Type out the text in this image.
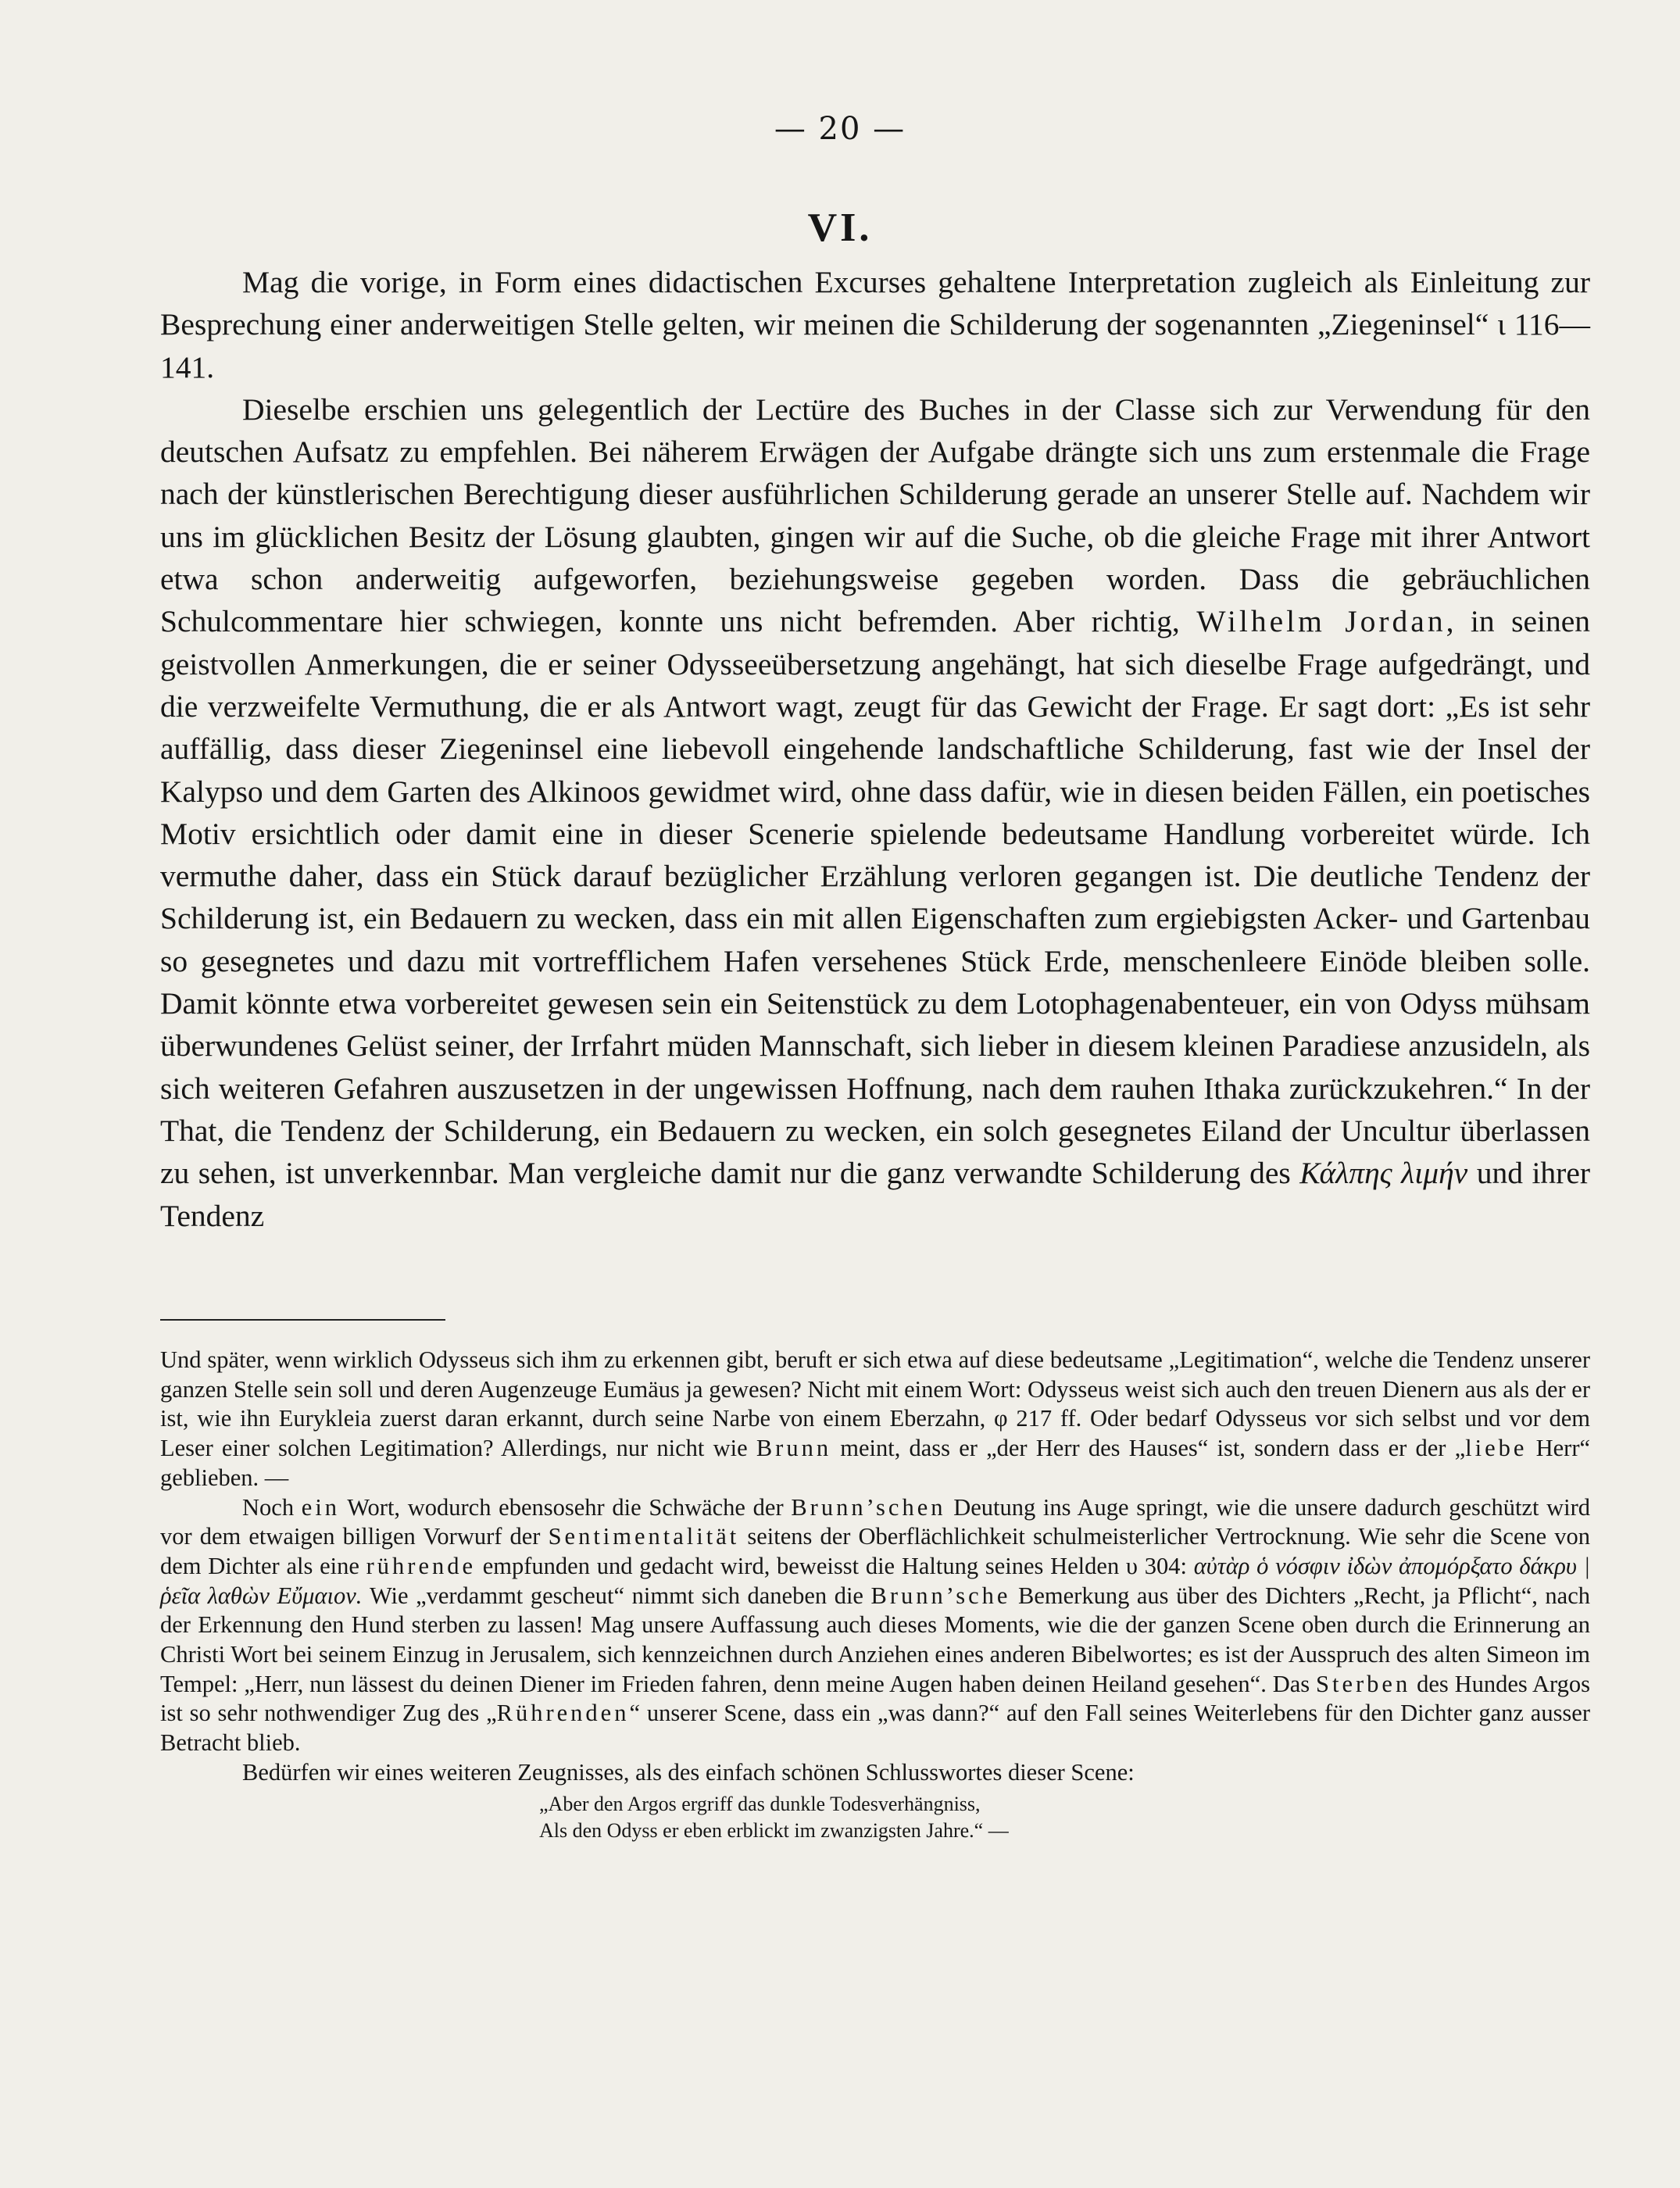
— 20 —
VI.

Mag die vorige, in Form eines didactischen Excurses gehaltene Interpretation zugleich als Einleitung zur Besprechung einer anderweitigen Stelle gelten, wir meinen die Schilderung der sogenannten „Ziegeninsel“ ι 116—141.

Dieselbe erschien uns gelegentlich der Lectüre des Buches in der Classe sich zur Verwendung für den deutschen Aufsatz zu empfehlen. Bei näherem Erwägen der Aufgabe drängte sich uns zum erstenmale die Frage nach der künstlerischen Berechtigung dieser ausführlichen Schilderung gerade an unserer Stelle auf. Nachdem wir uns im glücklichen Besitz der Lösung glaubten, gingen wir auf die Suche, ob die gleiche Frage mit ihrer Antwort etwa schon anderweitig aufgeworfen, beziehungsweise gegeben worden. Dass die gebräuchlichen Schulcommentare hier schwiegen, konnte uns nicht befremden. Aber richtig, Wilhelm Jordan, in seinen geistvollen Anmerkungen, die er seiner Odysseeübersetzung angehängt, hat sich dieselbe Frage aufgedrängt, und die verzweifelte Vermuthung, die er als Antwort wagt, zeugt für das Gewicht der Frage. Er sagt dort: „Es ist sehr auffällig, dass dieser Ziegeninsel eine liebevoll eingehende landschaftliche Schilderung, fast wie der Insel der Kalypso und dem Garten des Alkinoos gewidmet wird, ohne dass dafür, wie in diesen beiden Fällen, ein poetisches Motiv ersichtlich oder damit eine in dieser Scenerie spielende bedeutsame Handlung vorbereitet würde. Ich vermuthe daher, dass ein Stück darauf bezüglicher Erzählung verloren gegangen ist. Die deutliche Tendenz der Schilderung ist, ein Bedauern zu wecken, dass ein mit allen Eigenschaften zum ergiebigsten Acker- und Gartenbau so gesegnetes und dazu mit vortrefflichem Hafen versehenes Stück Erde, menschenleere Einöde bleiben solle. Damit könnte etwa vorbereitet gewesen sein ein Seitenstück zu dem Lotophagenabenteuer, ein von Odyss mühsam überwundenes Gelüst seiner, der Irrfahrt müden Mannschaft, sich lieber in diesem kleinen Paradiese anzusideln, als sich weiteren Gefahren auszusetzen in der ungewissen Hoffnung, nach dem rauhen Ithaka zurückzukehren.“ In der That, die Tendenz der Schilderung, ein Bedauern zu wecken, ein solch gesegnetes Eiland der Uncultur überlassen zu sehen, ist unverkennbar. Man vergleiche damit nur die ganz verwandte Schilderung des Κάλπης λιμήν und ihrer Tendenz

Und später, wenn wirklich Odysseus sich ihm zu erkennen gibt, beruft er sich etwa auf diese bedeutsame „Legitimation“, welche die Tendenz unserer ganzen Stelle sein soll und deren Augenzeuge Eumäus ja gewesen? Nicht mit einem Wort: Odysseus weist sich auch den treuen Dienern aus als der er ist, wie ihn Eurykleia zuerst daran erkannt, durch seine Narbe von einem Eberzahn, φ 217 ff. Oder bedarf Odysseus vor sich selbst und vor dem Leser einer solchen Legitimation? Allerdings, nur nicht wie Brunn meint, dass er „der Herr des Hauses“ ist, sondern dass er der „liebe Herr“ geblieben. —

Noch ein Wort, wodurch ebensosehr die Schwäche der Brunn’schen Deutung ins Auge springt, wie die unsere dadurch geschützt wird vor dem etwaigen billigen Vorwurf der Sentimentalität seitens der Oberflächlichkeit schulmeisterlicher Vertrocknung. Wie sehr die Scene von dem Dichter als eine rührende empfunden und gedacht wird, beweisst die Haltung seines Helden υ 304: αὐτὰρ ὁ νόσφιν ἰδὼν ἀπομόρξατο δάκρυ | ῥεῖα λαθὼν Εὔμαιον. Wie „verdammt gescheut“ nimmt sich daneben die Brunn’sche Bemerkung aus über des Dichters „Recht, ja Pflicht“, nach der Erkennung den Hund sterben zu lassen! Mag unsere Auffassung auch dieses Moments, wie die der ganzen Scene oben durch die Erinnerung an Christi Wort bei seinem Einzug in Jerusalem, sich kennzeichnen durch Anziehen eines anderen Bibelwortes; es ist der Ausspruch des alten Simeon im Tempel: „Herr, nun lässest du deinen Diener im Frieden fahren, denn meine Augen haben deinen Heiland gesehen“. Das Sterben des Hundes Argos ist so sehr nothwendiger Zug des „Rührenden“ unserer Scene, dass ein „was dann?“ auf den Fall seines Weiterlebens für den Dichter ganz ausser Betracht blieb.

Bedürfen wir eines weiteren Zeugnisses, als des einfach schönen Schlusswortes dieser Scene:

„Aber den Argos ergriff das dunkle Todesverhängniss,
Als den Odyss er eben erblickt im zwanzigsten Jahre.“ —
